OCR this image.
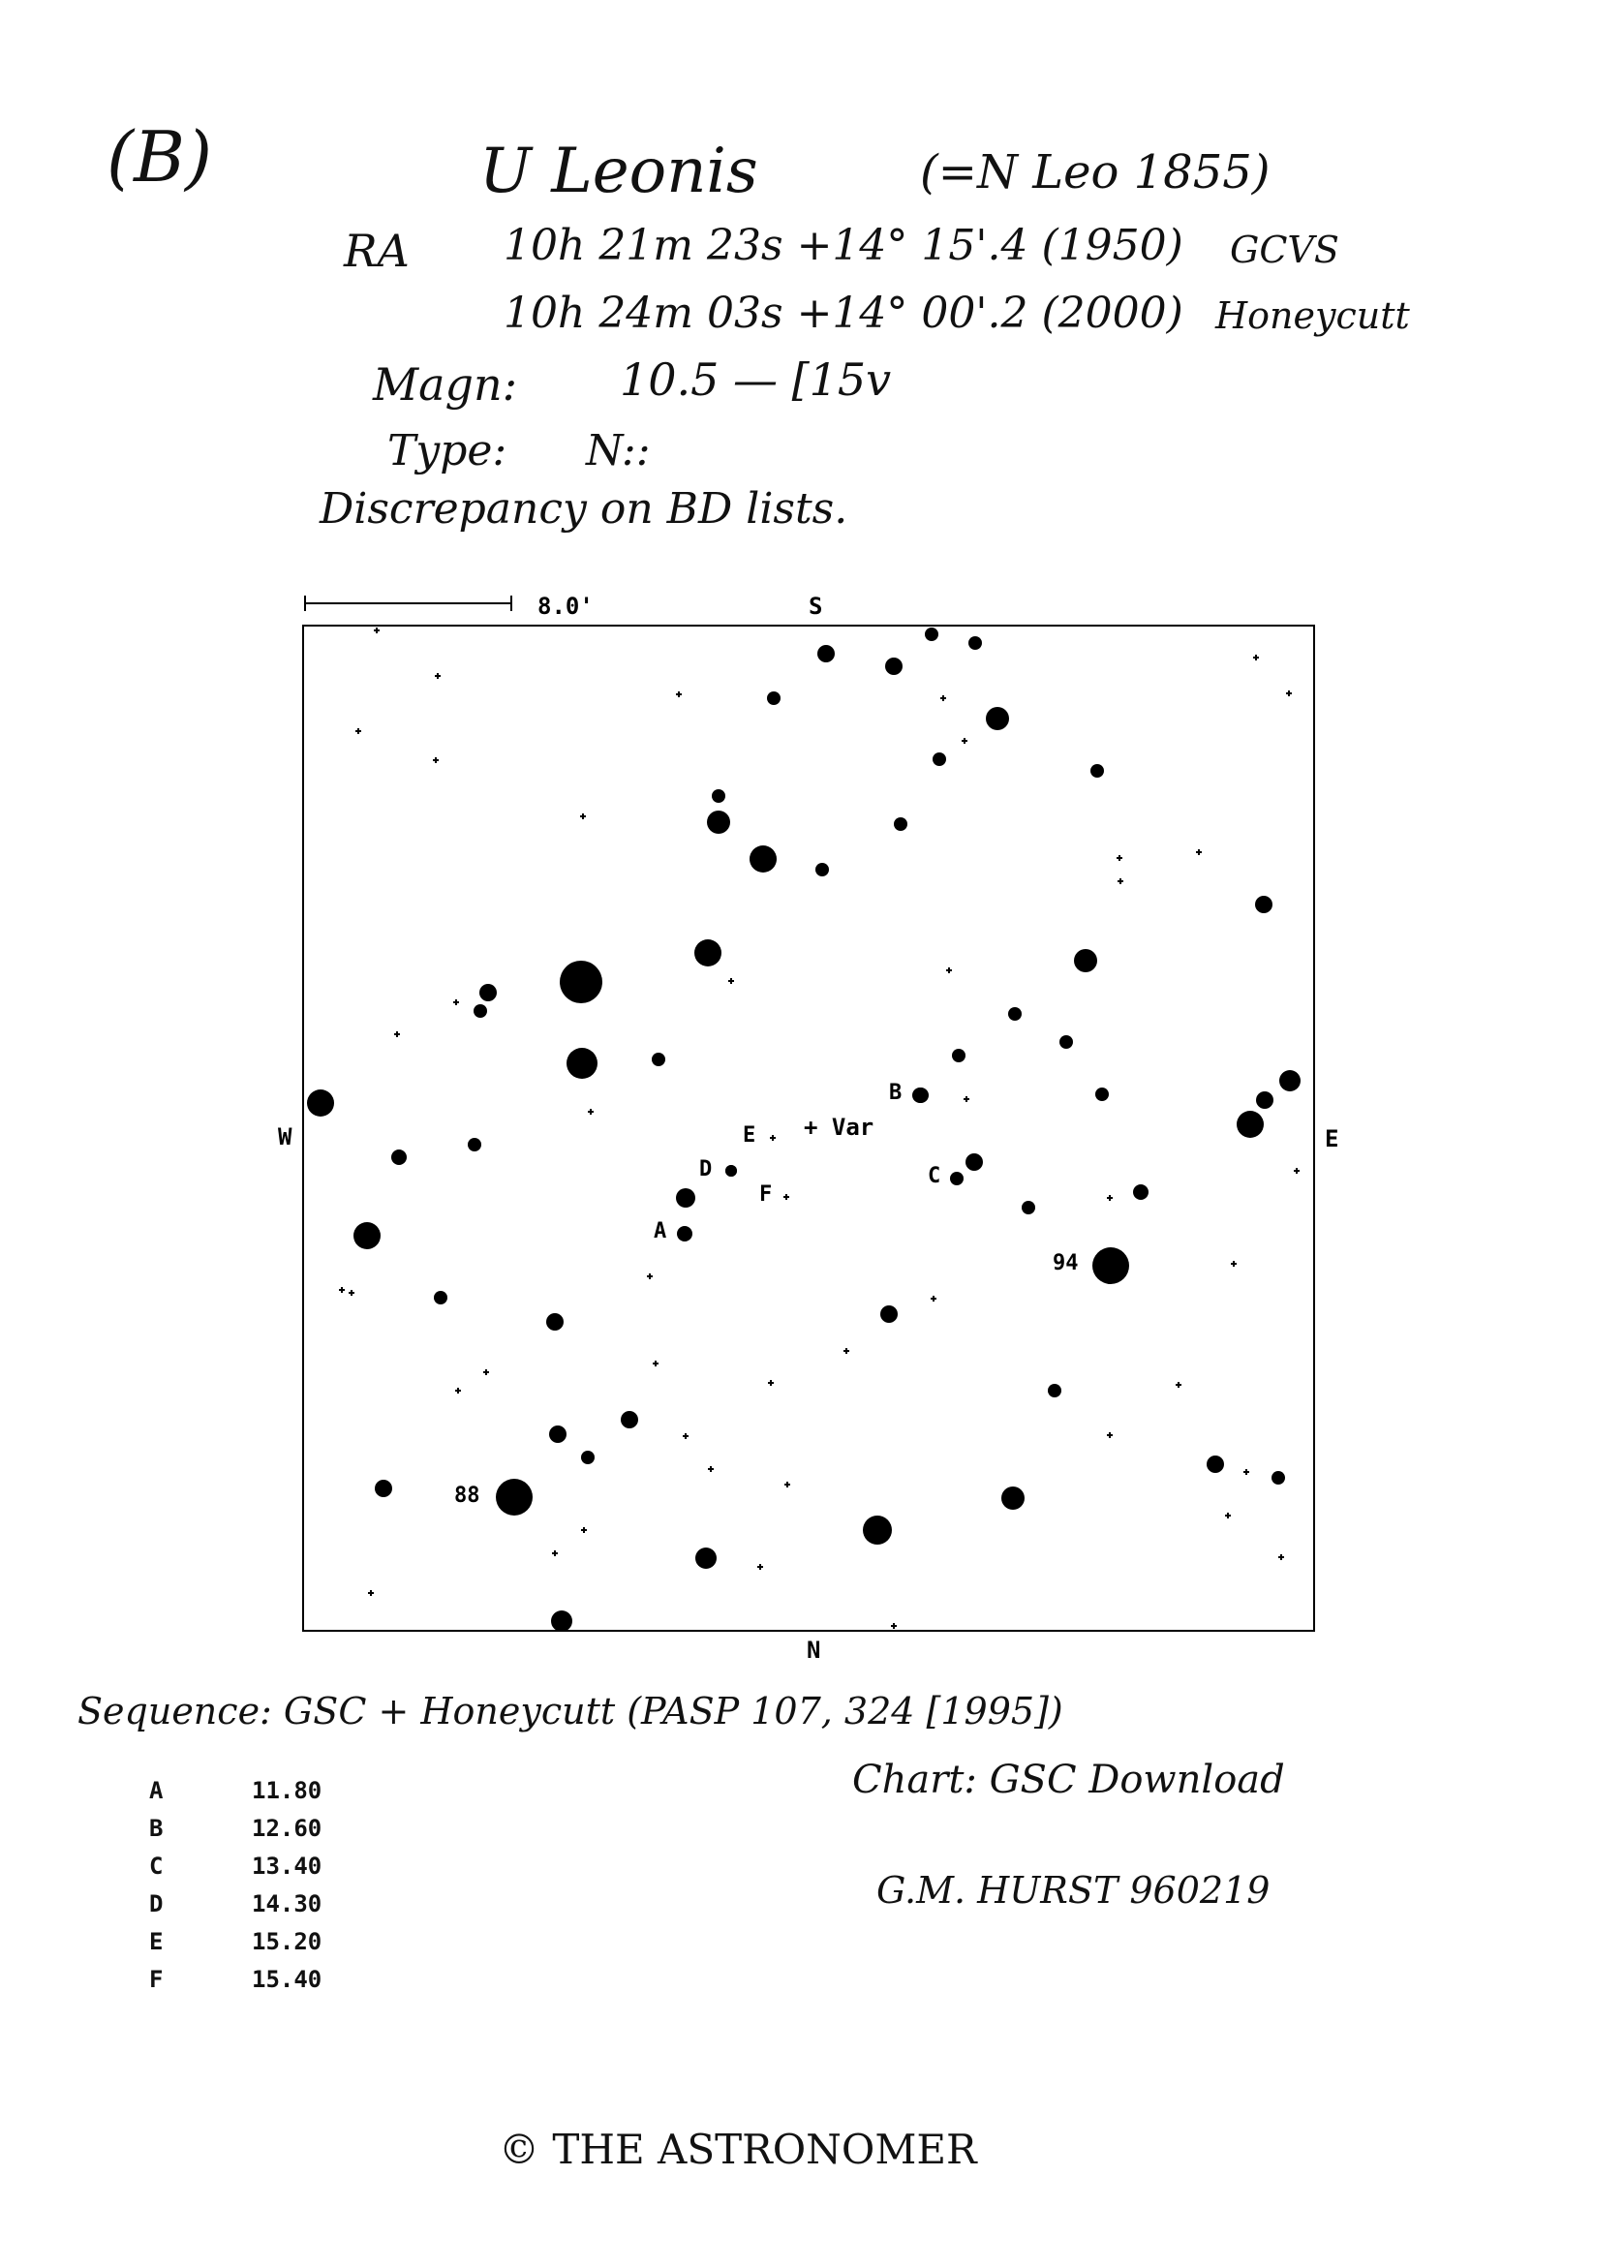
(B)	U Leonis	(=N Leo 1855)
RA 10h 21m 23s +14° 15'.4 (1950) GCVS
10h 24m 03s +14° 00'.2 (2000) Honeycutt
Magn: 10.5 — [15v
Type: N::
Discrepancy on BD lists.
8.0'	S
N
W	E
+ Var
A
B
C
D
E
F
94
88
Sequence: GSC + Honeycutt (PASP 107, 324 [1995])
A	11.80
B	12.60
C	13.40
D	14.30
E	15.20
F	15.40
Chart: GSC Download
G.M. HURST 960219
© THE ASTRONOMER
